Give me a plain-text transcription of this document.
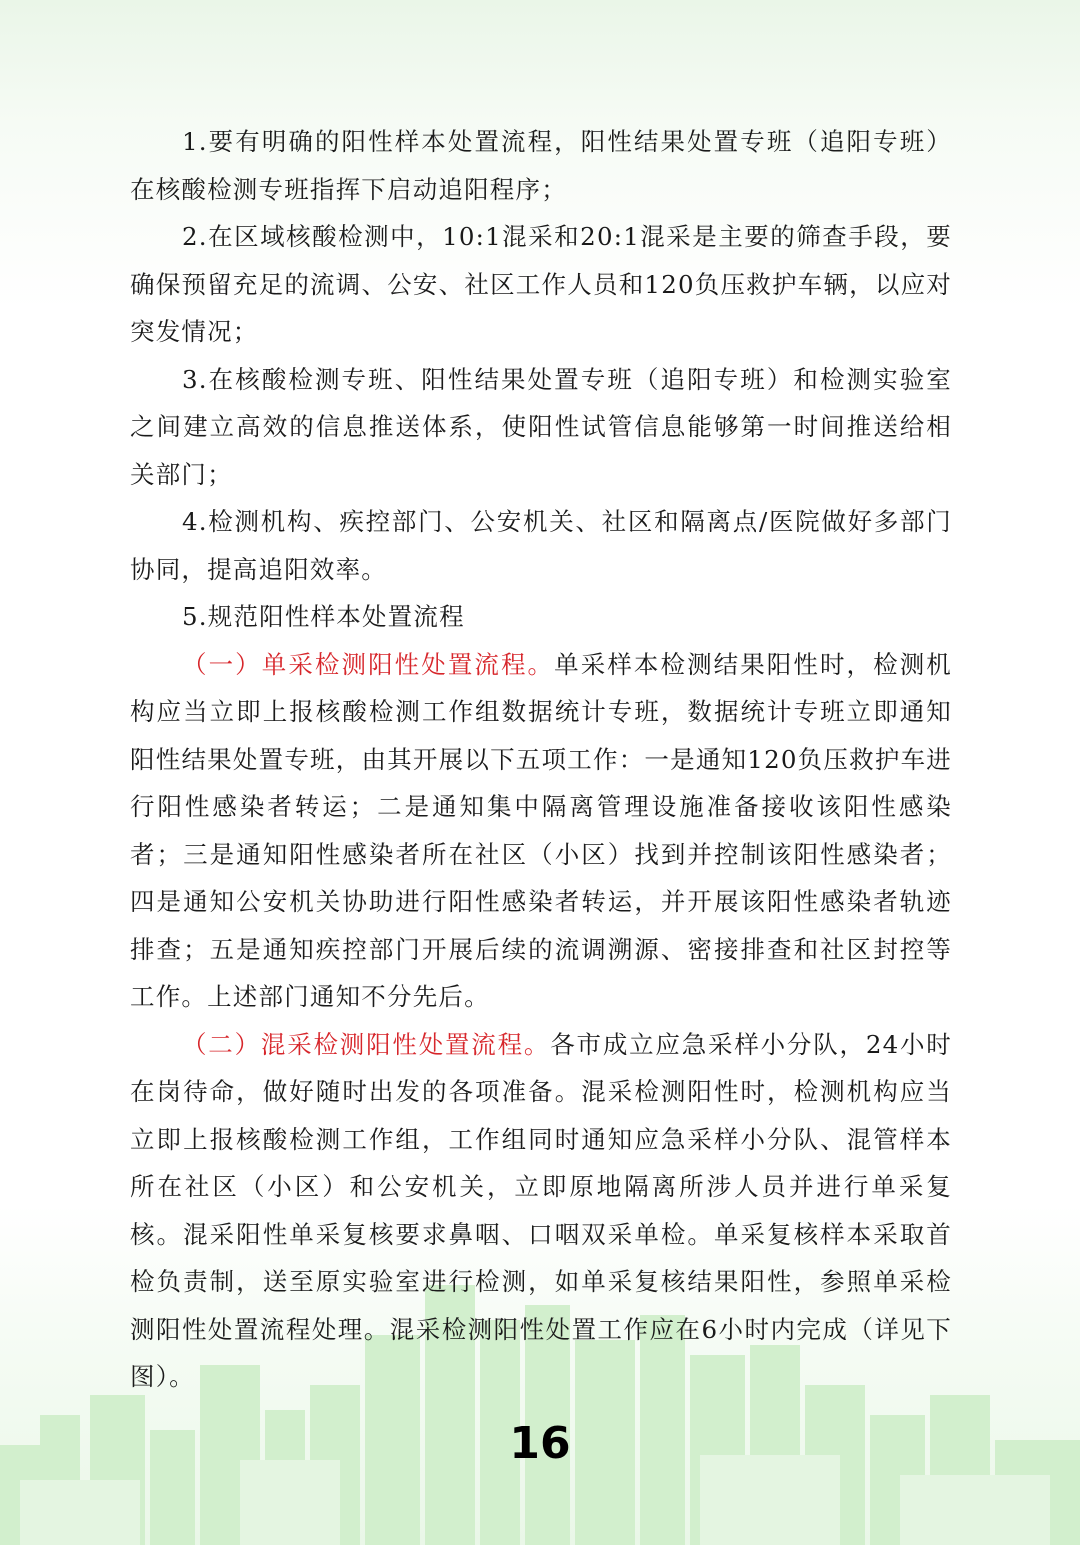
1.要有明确的阳性样本处置流程，阳性结果处置专班（追阳专班）在核酸检测专班指挥下启动追阳程序；

2.在区域核酸检测中，10:1混采和20:1混采是主要的筛查手段，要确保预留充足的流调、公安、社区工作人员和120负压救护车辆，以应对突发情况；

3.在核酸检测专班、阳性结果处置专班（追阳专班）和检测实验室之间建立高效的信息推送体系，使阳性试管信息能够第一时间推送给相关部门；

4.检测机构、疾控部门、公安机关、社区和隔离点/医院做好多部门协同，提高追阳效率。

5.规范阳性样本处置流程

（一）单采检测阳性处置流程。单采样本检测结果阳性时，检测机构应当立即上报核酸检测工作组数据统计专班，数据统计专班立即通知阳性结果处置专班，由其开展以下五项工作：一是通知120负压救护车进行阳性感染者转运；二是通知集中隔离管理设施准备接收该阳性感染者；三是通知阳性感染者所在社区（小区）找到并控制该阳性感染者；四是通知公安机关协助进行阳性感染者转运，并开展该阳性感染者轨迹排查；五是通知疾控部门开展后续的流调溯源、密接排查和社区封控等工作。上述部门通知不分先后。

（二）混采检测阳性处置流程。各市成立应急采样小分队，24小时在岗待命，做好随时出发的各项准备。混采检测阳性时，检测机构应当立即上报核酸检测工作组，工作组同时通知应急采样小分队、混管样本所在社区（小区）和公安机关，立即原地隔离所涉人员并进行单采复核。混采阳性单采复核要求鼻咽、口咽双采单检。单采复核样本采取首检负责制，送至原实验室进行检测，如单采复核结果阳性，参照单采检测阳性处置流程处理。混采检测阳性处置工作应在6小时内完成（详见下图）。

16
